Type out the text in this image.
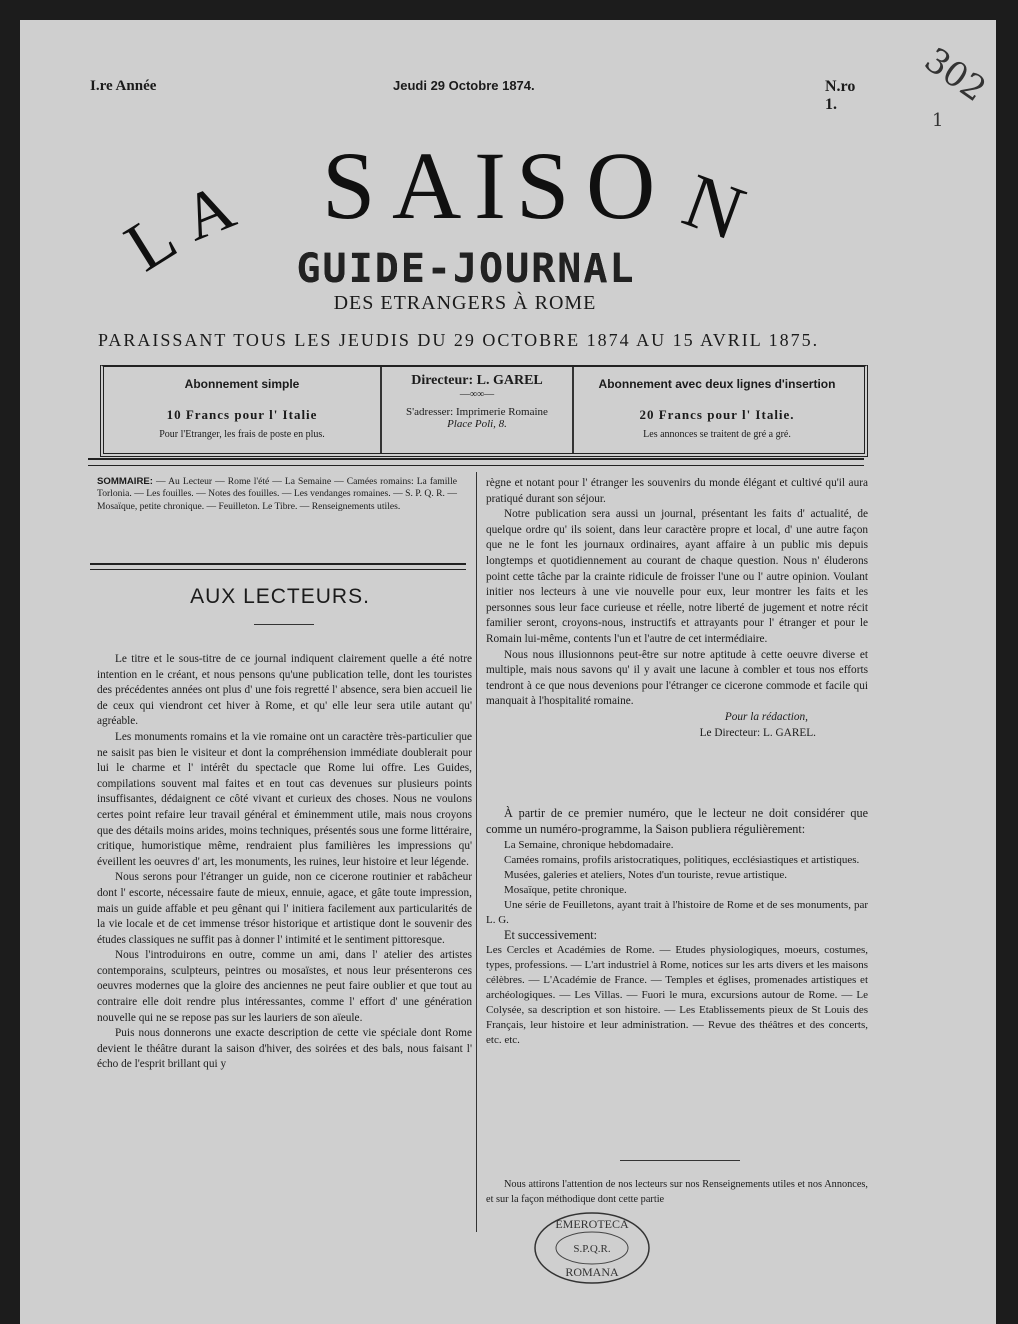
302
1
I.re Année	Jeudi 29 Octobre 1874.	N.ro 1.
L
A S A I S O N
GUIDE-JOURNAL
DES ETRANGERS À ROME
PARAISSANT TOUS LES JEUDIS DU 29 OCTOBRE 1874 AU 15 AVRIL 1875.
Abonnement simple
10 Francs pour l' Italie
Pour l'Etranger, les frais de poste en plus.
Directeur: L. GAREL
—∞∞—
S'adresser: Imprimerie Romaine
Place Poli, 8.
Abonnement avec deux lignes d'insertion
20 Francs pour l' Italie.
Les annonces se traitent de gré a gré.
SOMMAIRE: — Au Lecteur — Rome l'été — La Semaine — Camées romains: La famille Torlonia. — Les fouilles. — Notes des fouilles. — Les vendanges romaines. — S. P. Q. R. — Mosaïque, petite chronique. — Feuilleton. Le Tibre. — Renseignements utiles.
AUX LECTEURS.

Le titre et le sous-titre de ce journal indiquent clairement quelle a été notre intention en le créant, et nous pensons qu'une publication telle, dont les touristes des précédentes années ont plus d' une fois regretté l' absence, sera bien accueil lie de ceux qui viendront cet hiver à Rome, et qu' elle leur sera utile autant qu' agréable.

Les monuments romains et la vie romaine ont un caractère très-particulier que ne saisit pas bien le visiteur et dont la compréhension immédiate doublerait pour lui le charme et l' intérêt du spectacle que Rome lui offre. Les Guides, compilations souvent mal faites et en tout cas devenues sur plusieurs points insuffisantes, dédaignent ce côté vivant et curieux des choses. Nous ne voulons certes point refaire leur travail général et éminemment utile, mais nous croyons que des détails moins arides, moins techniques, présentés sous une forme littéraire, critique, humoristique même, rendraient plus familières les impressions qu' éveillent les oeuvres d' art, les monuments, les ruines, leur histoire et leur légende.

Nous serons pour l'étranger un guide, non ce cicerone routinier et rabâcheur dont l' escorte, nécessaire faute de mieux, ennuie, agace, et gâte toute impression, mais un guide affable et peu gênant qui l' initiera facilement aux particularités de la vie locale et de cet immense trésor historique et artistique dont le souvenir des études classiques ne suffit pas à donner l' intimité et le sentiment pittoresque.

Nous l'introduirons en outre, comme un ami, dans l' atelier des artistes contemporains, sculpteurs, peintres ou mosaïstes, et nous leur présenterons ces oeuvres modernes que la gloire des anciennes ne peut faire oublier et que tout au contraire elle doit rendre plus intéressantes, comme l' effort d' une génération nouvelle qui ne se repose pas sur les lauriers de son aïeule.

Puis nous donnerons une exacte description de cette vie spéciale dont Rome devient le théâtre durant la saison d'hiver, des soirées et des bals, nous faisant l' écho de l'esprit brillant qui y

règne et notant pour l' étranger les souvenirs du monde élégant et cultivé qu'il aura pratiqué durant son séjour.

Notre publication sera aussi un journal, présentant les faits d' actualité, de quelque ordre qu' ils soient, dans leur caractère propre et local, d' une autre façon que ne le font les journaux ordinaires, ayant affaire à un public mis depuis longtemps et quotidiennement au courant de chaque question. Nous n' éluderons point cette tâche par la crainte ridicule de froisser l'une ou l' autre opinion. Voulant initier nos lecteurs à une vie nouvelle pour eux, leur montrer les faits et les personnes sous leur face curieuse et réelle, notre liberté de jugement et notre récit familier seront, croyons-nous, instructifs et attrayants pour l' étranger et pour le Romain lui-même, contents l'un et l'autre de cet intermédiaire.

Nous nous illusionnons peut-être sur notre aptitude à cette oeuvre diverse et multiple, mais nous savons qu' il y avait une lacune à combler et tous nos efforts tendront à ce que nous devenions pour l'étranger ce cicerone commode et facile qui manquait à l'hospitalité romaine.

Pour la rédaction,
Le Directeur: L. GAREL.

À partir de ce premier numéro, que le lecteur ne doit considérer que comme un numéro-programme, la Saison publiera régulièrement:

La Semaine, chronique hebdomadaire.
Camées romains, profils aristocratiques, politiques, ecclésiastiques et artistiques.
Musées, galeries et ateliers, Notes d'un touriste, revue artistique.
Mosaïque, petite chronique.
Une série de Feuilletons, ayant trait à l'histoire de Rome et de ses monuments, par L. G.

Et successivement:

Les Cercles et Académies de Rome. — Etudes physiologiques, moeurs, costumes, types, professions. — L'art industriel à Rome, notices sur les arts divers et les maisons célèbres. — L'Académie de France. — Temples et églises, promenades artistiques et archéologiques. — Les Villas. — Fuori le mura, excursions autour de Rome. — Le Colysée, sa description et son histoire. — Les Etablissements pieux de St Louis des Français, leur histoire et leur administration. — Revue des théâtres et des concerts, etc. etc.

Nous attirons l'attention de nos lecteurs sur nos Renseignements utiles et nos Annonces, et sur la façon méthodique dont cette partie

EMEROTECA
S.P.Q.R.
ROMANA
